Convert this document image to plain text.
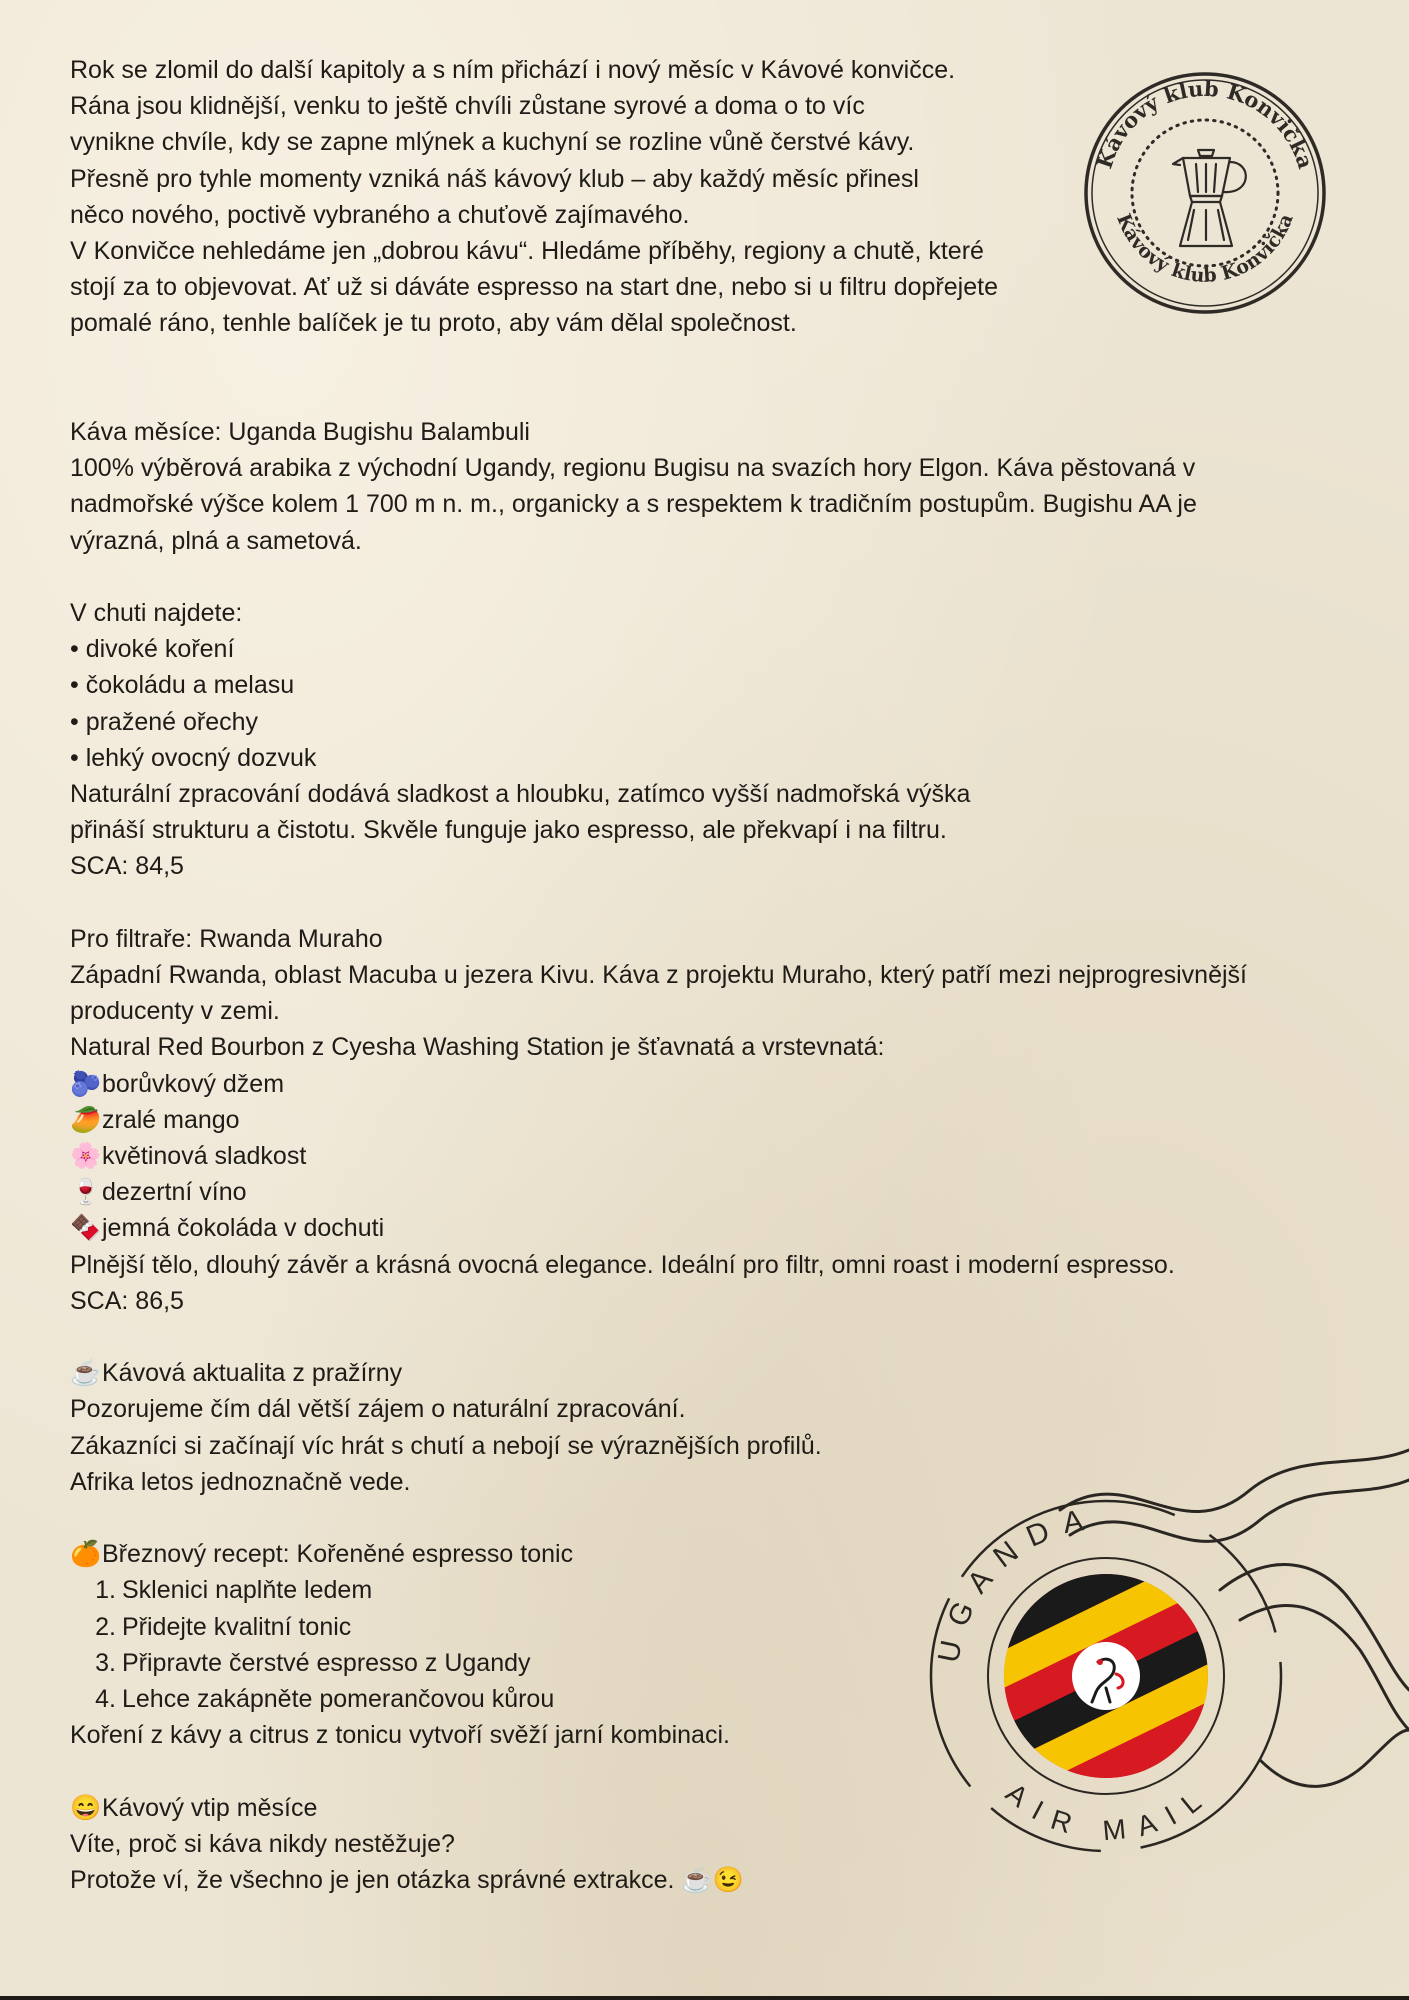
Rok se zlomil do další kapitoly a s ním přichází i nový měsíc v Kávové konvičce.
Rána jsou klidnější, venku to ještě chvíli zůstane syrové a doma o to víc
vynikne chvíle, kdy se zapne mlýnek a kuchyní se rozline vůně čerstvé kávy.
Přesně pro tyhle momenty vzniká náš kávový klub – aby každý měsíc přinesl
něco nového, poctivě vybraného a chuťově zajímavého.
V Konvičce nehledáme jen „dobrou kávu“. Hledáme příběhy, regiony a chutě, které
stojí za to objevovat. Ať už si dáváte espresso na start dne, nebo si u filtru dopřejete
pomalé ráno, tenhle balíček je tu proto, aby vám dělal společnost.
Káva měsíce: Uganda Bugishu Balambuli
100% výběrová arabika z východní Ugandy, regionu Bugisu na svazích hory Elgon. Káva pěstovaná v
nadmořské výšce kolem 1 700 m n. m., organicky a s respektem k tradičním postupům. Bugishu AA je
výrazná, plná a sametová.
V chuti najdete:
• divoké koření
• čokoládu a melasu
• pražené ořechy
• lehký ovocný dozvuk
Naturální zpracování dodává sladkost a hloubku, zatímco vyšší nadmořská výška
přináší strukturu a čistotu. Skvěle funguje jako espresso, ale překvapí i na filtru.
SCA: 84,5
Pro filtraře: Rwanda Muraho
Západní Rwanda, oblast Macuba u jezera Kivu. Káva z projektu Muraho, který patří mezi nejprogresivnější
producenty v zemi.
Natural Red Bourbon z Cyesha Washing Station je šťavnatá a vrstevnatá:
🫐borůvkový džem
🥭zralé mango
🌸květinová sladkost
🍷dezertní víno
🍫jemná čokoláda v dochuti
Plnější tělo, dlouhý závěr a krásná ovocná elegance. Ideální pro filtr, omni roast i moderní espresso.
SCA: 86,5
☕Kávová aktualita z pražírny
Pozorujeme čím dál větší zájem o naturální zpracování.
Zákazníci si začínají víc hrát s chutí a nebojí se výraznějších profilů.
Afrika letos jednoznačně vede.
🍊Březnový recept: Kořeněné espresso tonic
1. Sklenici naplňte ledem
2. Přidejte kvalitní tonic
3. Připravte čerstvé espresso z Ugandy
4. Lehce zakápněte pomerančovou kůrou
Koření z kávy a citrus z tonicu vytvoří svěží jarní kombinaci.
😄Kávový vtip měsíce
Víte, proč si káva nikdy nestěžuje?
Protože ví, že všechno je jen otázka správné extrakce. ☕😉
Kávový klub Konvička
Kávový klub Konvička
UGANDA
AIR MAIL
